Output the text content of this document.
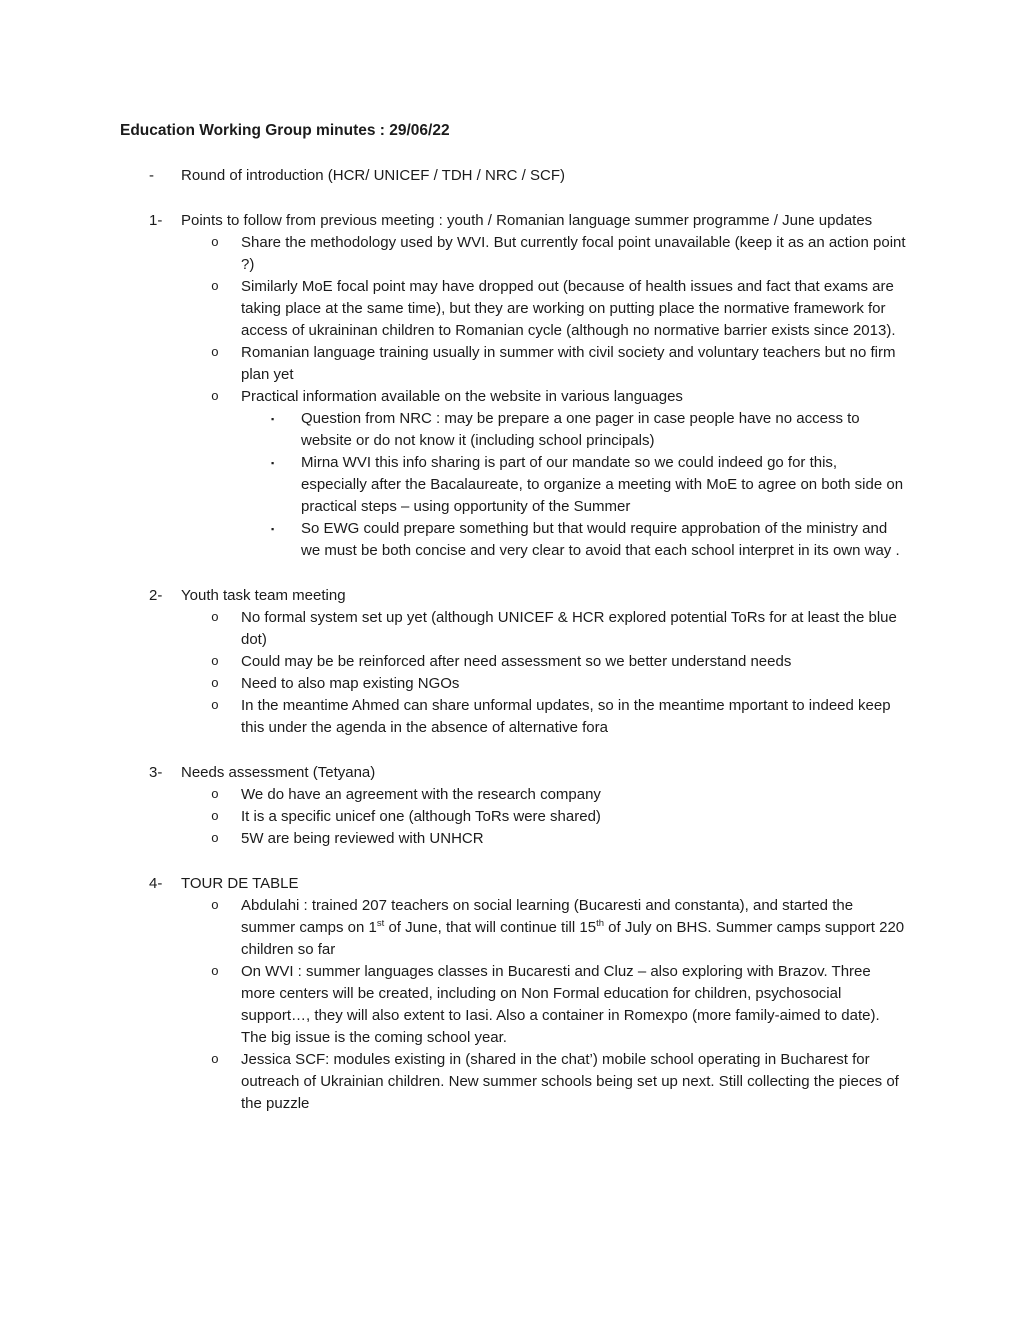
Education Working Group minutes : 29/06/22
-	Round of introduction (HCR/ UNICEF / TDH / NRC / SCF)
1-	Points to follow from previous meeting : youth / Romanian language summer programme / June updates
o	Share the methodology used by WVI. But currently focal point unavailable (keep it as an action point ?)
o	Similarly MoE focal point may have dropped out (because of health issues and fact that exams are taking place at the same time), but they are working on putting place the normative framework for access of ukraininan children to Romanian cycle (although no normative barrier exists since 2013).
o	Romanian language training usually in summer with civil society and voluntary teachers but no firm plan yet
o	Practical information available on the website in various languages
▪	Question from NRC : may be prepare a one pager in case people have no access to website or do not know it (including school principals)
▪	Mirna WVI this info sharing is part of our mandate so we could indeed go for this, especially after the Bacalaureate, to organize a meeting with MoE to agree on both side on practical steps – using opportunity of the Summer
▪	So EWG could prepare something but that would require approbation of the ministry and we must be both concise and very clear to avoid that each school interpret in its own way .
2-	Youth task team meeting
o	No formal system set up yet (although UNICEF & HCR explored potential ToRs for at least the blue dot)
o	Could may be be reinforced after need assessment so we better understand needs
o	Need to also map existing NGOs
o	In the meantime Ahmed can share unformal updates, so in the meantime mportant to indeed keep this under the agenda in the absence of alternative fora
3-	Needs assessment (Tetyana)
o	We do have an agreement with the research company
o	It is a specific unicef one (although ToRs were shared)
o	5W are being reviewed with UNHCR
4-	TOUR DE TABLE
o	Abdulahi : trained 207 teachers on social learning (Bucaresti and constanta), and started the summer camps on 1st of June, that will continue till 15th of July on BHS. Summer camps support 220 children so far
o	On WVI : summer languages classes in Bucaresti and Cluz – also exploring with Brazov. Three more centers will be created, including on Non Formal education for children, psychosocial support…, they will also extent to Iasi. Also a container in Romexpo (more family-aimed to date). The big issue is the coming school year.
o	Jessica SCF: modules existing in (shared in the chat’) mobile school operating in Bucharest for outreach of Ukrainian children. New summer schools being set up next. Still collecting the pieces of the puzzle
